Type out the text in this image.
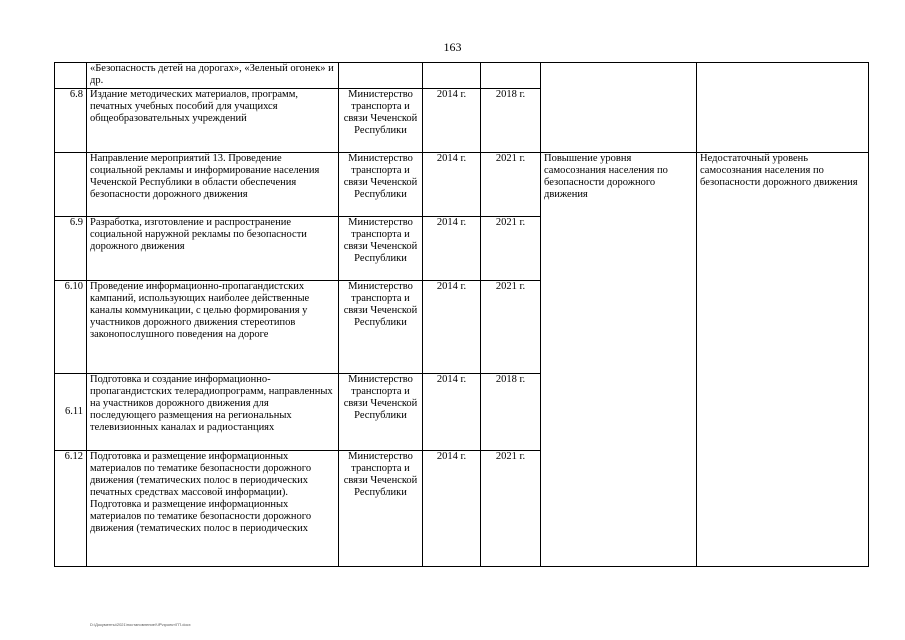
163
	«Безопасность детей на дорогах», «Зеленый огонек» и др.					
6.8	Издание методических материалов, программ, печатных учебных пособий для учащихся общеобразовательных учреждений	Министерство транспорта и связи Чеченской Республики	2014 г.	2018 г.		
	Направление мероприятий 13. Проведение социальной рекламы и информирование населения Чеченской Республики в области обеспечения безопасности дорожного движения	Министерство транспорта и связи Чеченской Республики	2014 г.	2021 г.	Повышение уровня самосознания населения по безопасности дорожного движения	Недостаточный уровень самосознания населения по безопасности дорожного движения
6.9	Разработка, изготовление и распространение социальной наружной рекламы по безопасности дорожного движения	Министерство транспорта и связи Чеченской Республики	2014 г.	2021 г.		
6.10	Проведение информационно-пропагандистских кампаний, использующих наиболее действенные каналы коммуникации, с целью формирования у участников дорожного движения стереотипов законопослушного поведения на дороге	Министерство транспорта и связи Чеченской Республики	2014 г.	2021 г.		
6.11	Подготовка и создание информационно-пропагандистских телерадиопрограмм, направленных на участников дорожного движения для последующего размещения на региональных телевизионных каналах и радиостанциях	Министерство транспорта и связи Чеченской Республики	2014 г.	2018 г.		
6.12	Подготовка и размещение информационных материалов по тематике безопасности дорожного движения (тематических полос в периодических печатных средствах массовой информации). Подготовка и размещение информационных материалов по тематике безопасности дорожного движения (тематических полос в периодических	Министерство транспорта и связи Чеченской Республики	2014 г.	2021 г.		
D:\Документы\2021\постановление\ЧР\проект\ГП.docx
